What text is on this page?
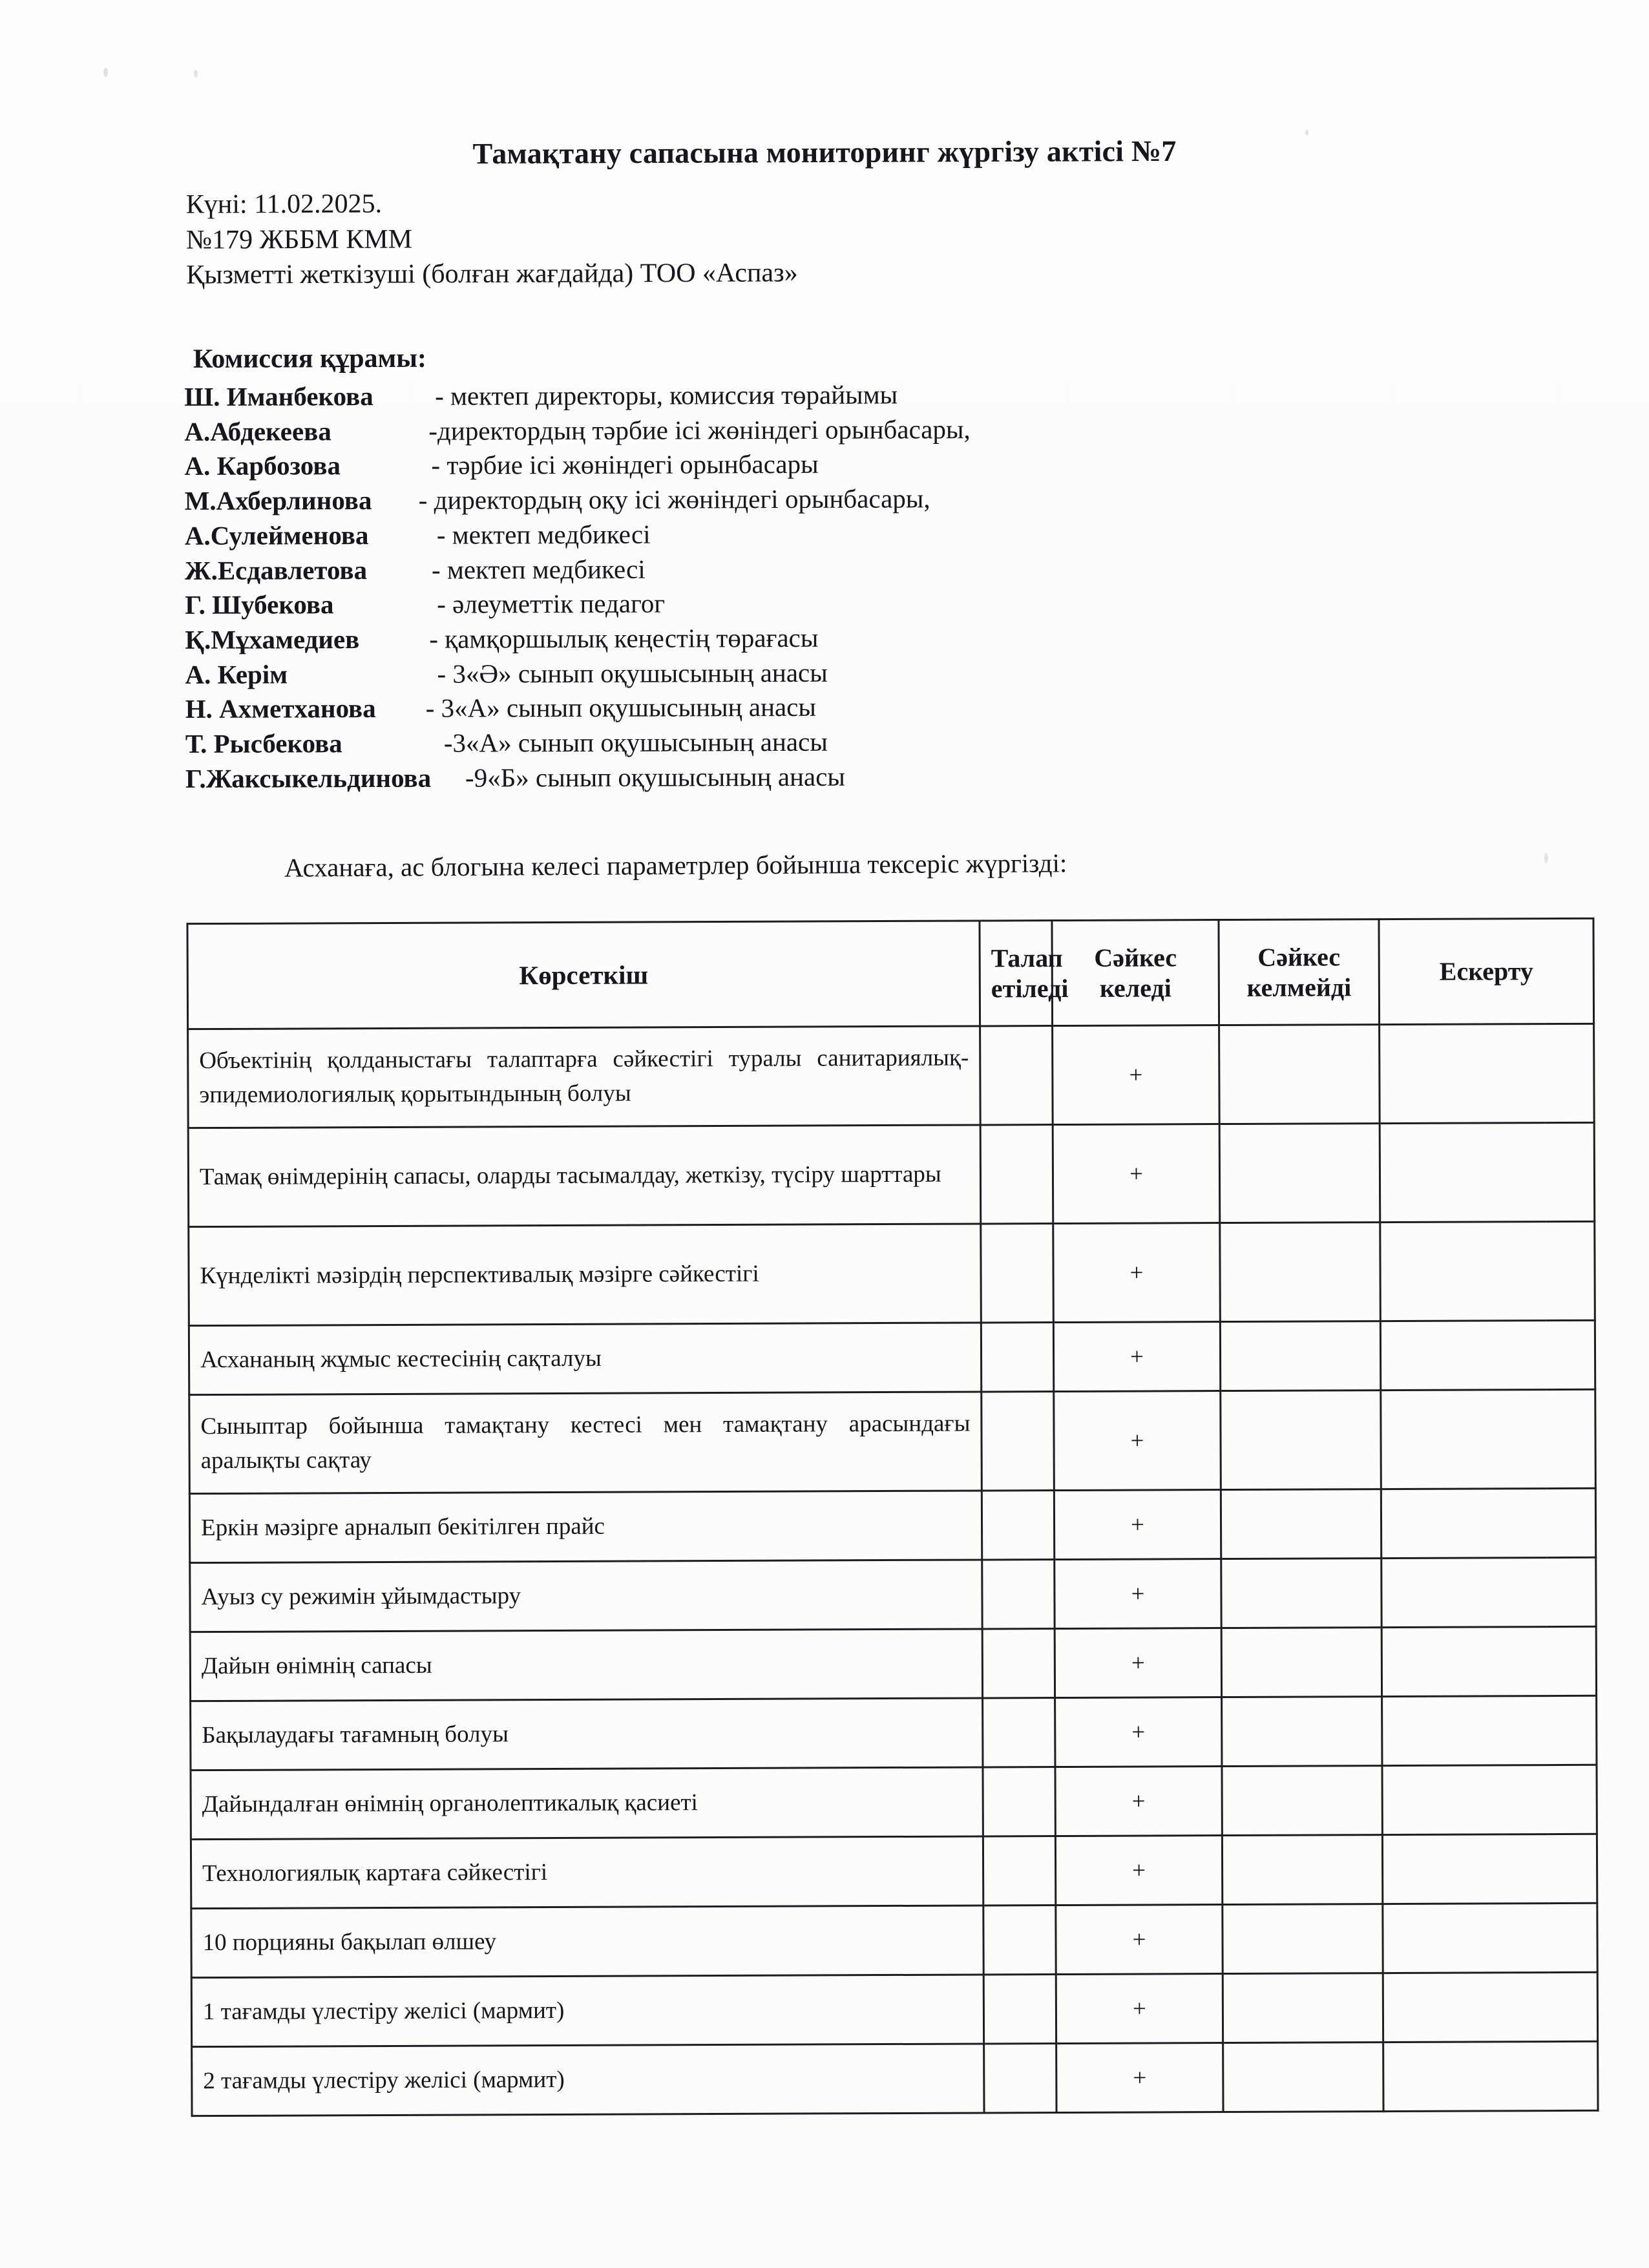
Тамақтану сапасына мониторинг жүргізу актісі №7
Күні: 11.02.2025.
№179 ЖББМ КММ
Қызметті жеткізуші (болған жағдайда) ТОО «Аспаз»
Комиссия құрамы:
Ш. Иманбекова	- мектеп директоры, комиссия төрайымы
А.Абдекеева	-директордың тәрбие ісі жөніндегі орынбасары,
А. Карбозова	- тәрбие ісі жөніндегі орынбасары
М.Ахберлинова	- директордың оқу ісі жөніндегі орынбасары,
А.Сулейменова	- мектеп медбикесі
Ж.Есдавлетова	- мектеп медбикесі
Г. Шубекова	- әлеуметтік педагог
Қ.Мұхамедиев	- қамқоршылық кеңестің төрағасы
А. Керім	- 3«Ә» сынып оқушысының анасы
Н. Ахметханова	- 3«А» сынып оқушысының анасы
Т. Рысбекова	-3«А» сынып оқушысының анасы
Г.Жаксыкельдинова	-9«Б» сынып оқушысының анасы
Асханаға, ас блогына келесі параметрлер бойынша тексеріс жүргізді:
Көрсеткіш	Талап етіледі	Сәйкес келеді	Сәйкес келмейді	Ескерту
Объектінің қолданыстағы талаптарға сәйкестігі туралы санитариялық-эпидемиологиялық қорытындының болуы		+		
Тамақ өнімдерінің сапасы, оларды тасымалдау, жеткізу, түсіру шарттары		+		
Күнделікті мәзірдің перспективалық мәзірге сәйкестігі		+		
Асхананың жұмыс кестесінің сақталуы		+		
Сыныптар бойынша тамақтану кестесі мен тамақтану арасындағы аралықты сақтау		+		
Еркін мәзірге арналып бекітілген прайс		+		
Ауыз су режимін ұйымдастыру		+		
Дайын өнімнің сапасы		+		
Бақылаудағы тағамның болуы		+		
Дайындалған өнімнің органолептикалық қасиеті		+		
Технологиялық картаға сәйкестігі		+		
10 порцияны бақылап өлшеу		+		
1 тағамды үлестіру желісі (мармит)		+		
2 тағамды үлестіру желісі (мармит)		+		
